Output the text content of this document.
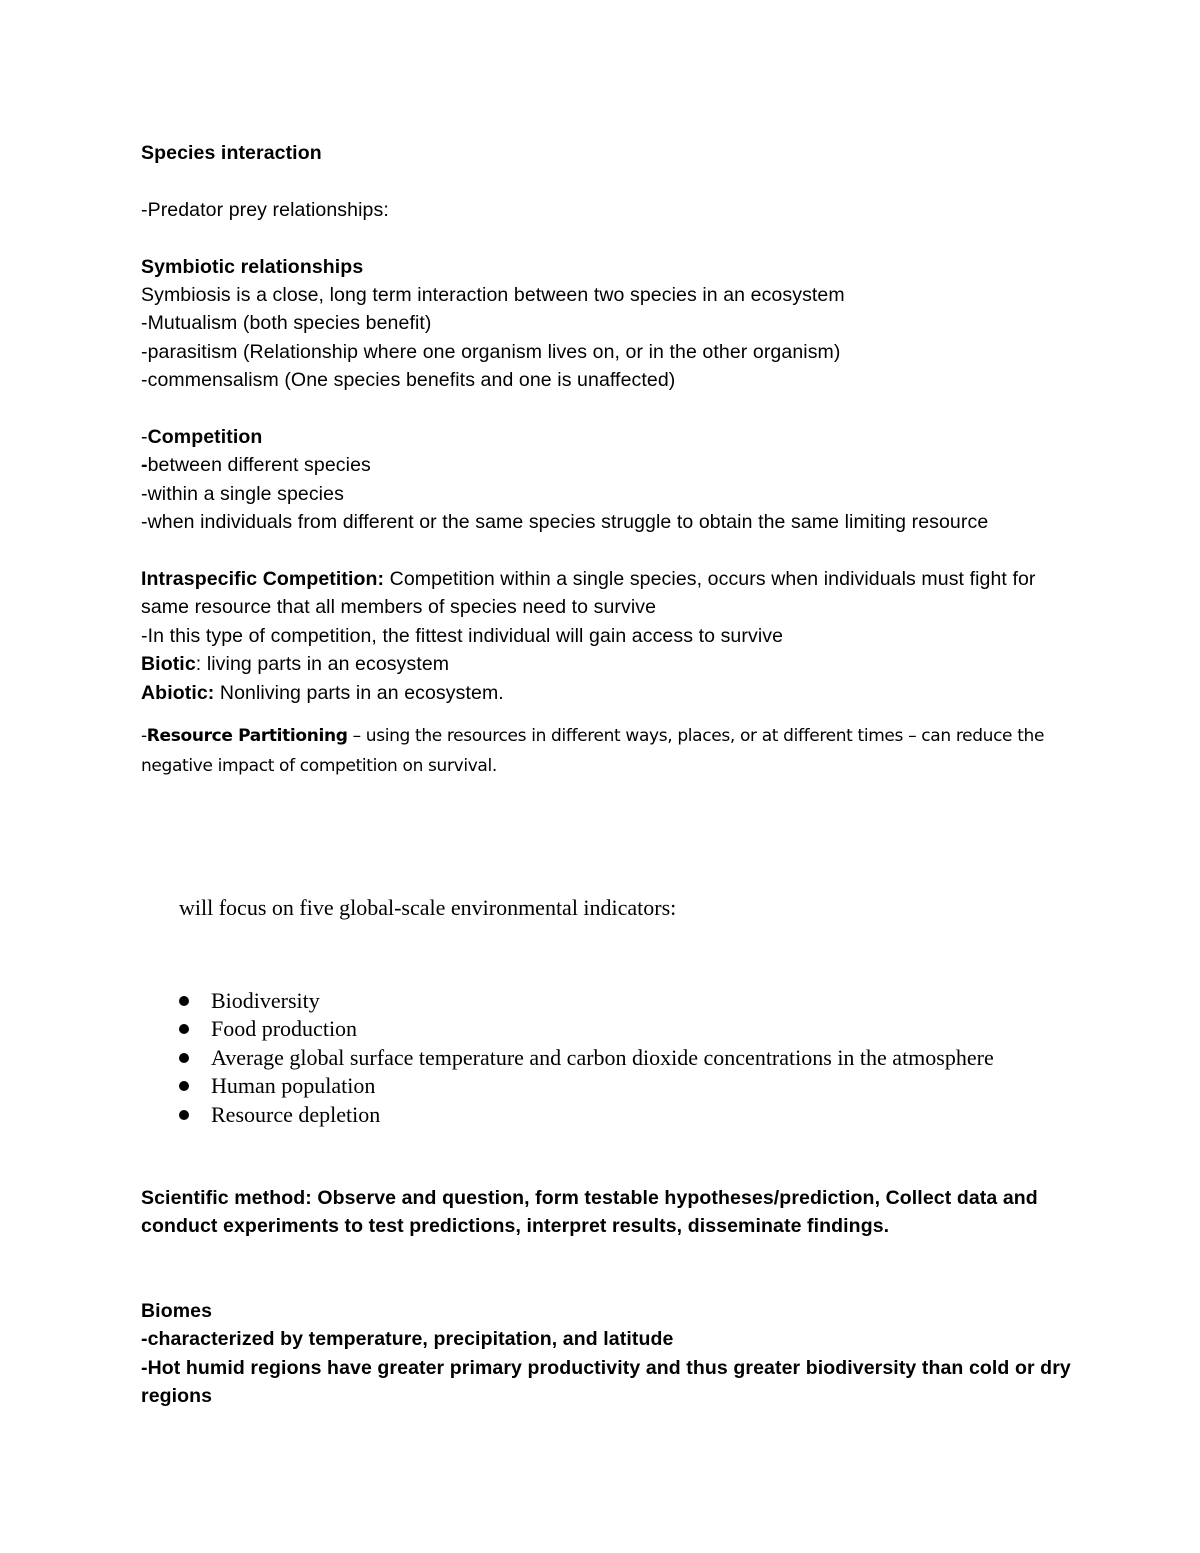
Species interaction
-Predator prey relationships:
Symbiotic relationships
Symbiosis is a close, long term interaction between two species in an ecosystem
-Mutualism (both species benefit)
-parasitism (Relationship where one organism lives on, or in the other organism)
-commensalism (One species benefits and one is unaffected)
-Competition
-between different species
-within a single species
-when individuals from different or the same species struggle to obtain the same limiting resource
Intraspecific Competition: Competition within a single species, occurs when individuals must fight for same resource that all members of species need to survive
-In this type of competition, the fittest individual will gain access to survive
Biotic: living parts in an ecosystem
Abiotic: Nonliving parts in an ecosystem.
-Resource Partitioning – using the resources in different ways, places, or at different times – can reduce the negative impact of competition on survival.
will focus on five global-scale environmental indicators:
Biodiversity
Food production
Average global surface temperature and carbon dioxide concentrations in the atmosphere
Human population
Resource depletion
Scientific method: Observe and question, form testable hypotheses/prediction, Collect data and conduct experiments to test predictions, interpret results, disseminate findings.
Biomes
-characterized by temperature, precipitation, and latitude
-Hot humid regions have greater primary productivity and thus greater biodiversity than cold or dry regions
